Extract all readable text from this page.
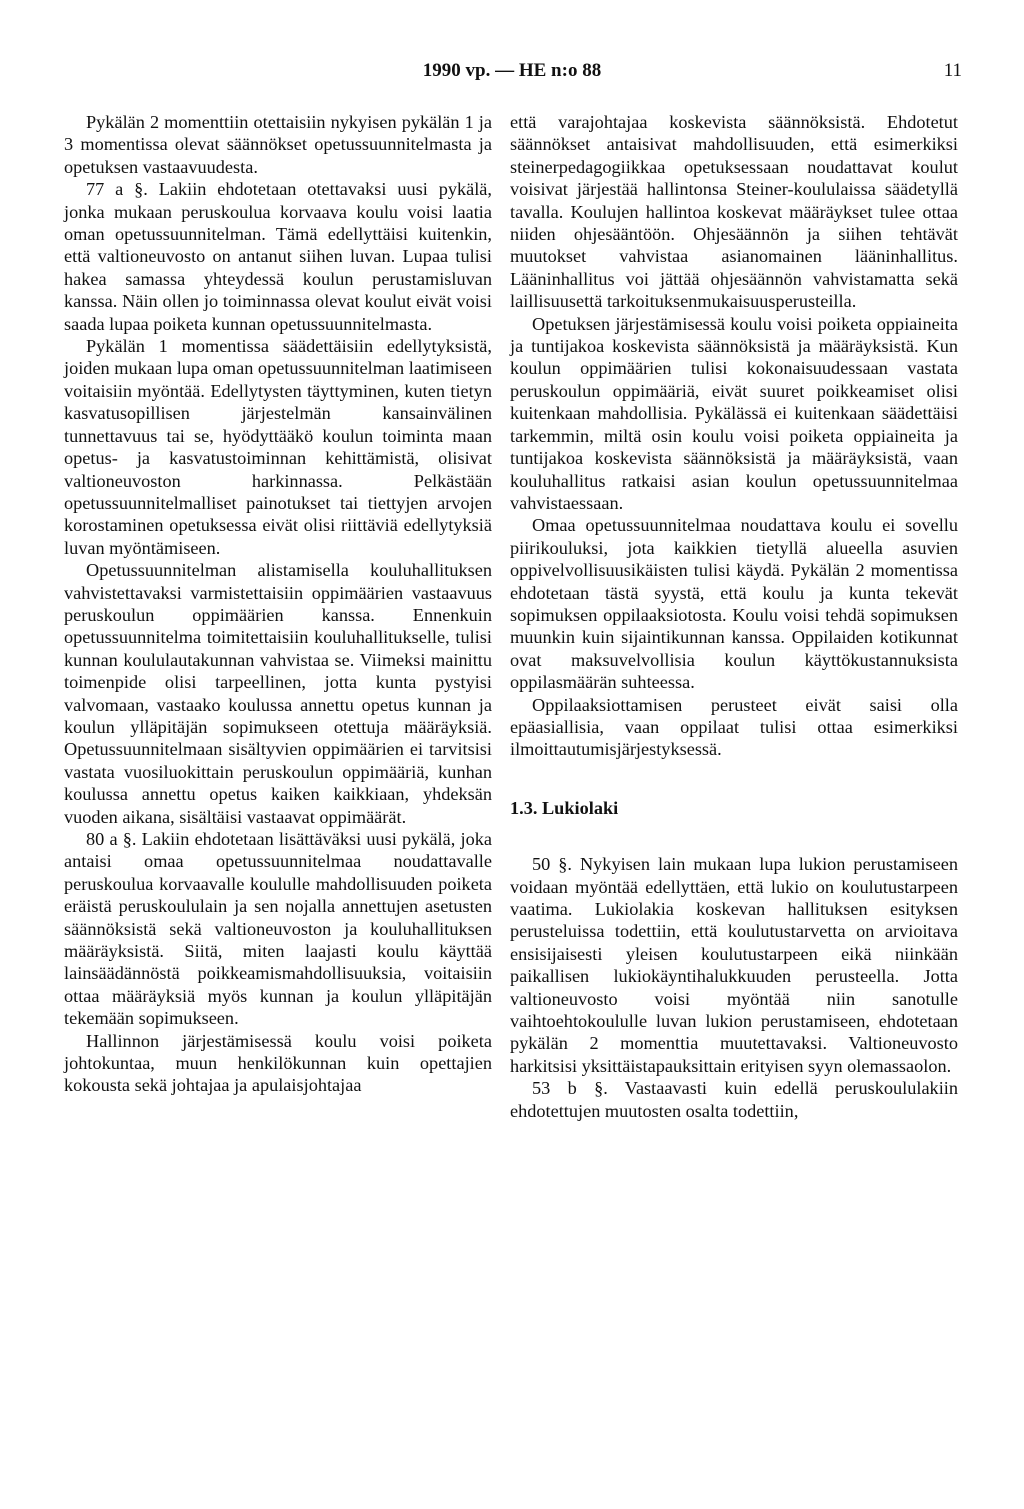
1990 vp. — HE n:o 88	11

Pykälän 2 momenttiin otettaisiin nykyisen pykälän 1 ja 3 momentissa olevat säännökset opetussuunnitelmasta ja opetuksen vastaavuudesta.

77 a §. Lakiin ehdotetaan otettavaksi uusi pykälä, jonka mukaan peruskoulua korvaava koulu voisi laatia oman opetussuunnitelman. Tämä edellyttäisi kuitenkin, että valtioneuvosto on antanut siihen luvan. Lupaa tulisi hakea samassa yhteydessä koulun perustamisluvan kanssa. Näin ollen jo toiminnassa olevat koulut eivät voisi saada lupaa poiketa kunnan opetussuunnitelmasta.

Pykälän 1 momentissa säädettäisiin edellytyksistä, joiden mukaan lupa oman opetussuunnitelman laatimiseen voitaisiin myöntää. Edellytysten täyttyminen, kuten tietyn kasvatusopillisen järjestelmän kansainvälinen tunnettavuus tai se, hyödyttääkö koulun toiminta maan opetus- ja kasvatustoiminnan kehittämistä, olisivat valtioneuvoston harkinnassa. Pelkästään opetussuunnitelmalliset painotukset tai tiettyjen arvojen korostaminen opetuksessa eivät olisi riittäviä edellytyksiä luvan myöntämiseen.

Opetussuunnitelman alistamisella kouluhallituksen vahvistettavaksi varmistettaisiin oppimäärien vastaavuus peruskoulun oppimäärien kanssa. Ennenkuin opetussuunnitelma toimitettaisiin kouluhallitukselle, tulisi kunnan koululautakunnan vahvistaa se. Viimeksi mainittu toimenpide olisi tarpeellinen, jotta kunta pystyisi valvomaan, vastaako koulussa annettu opetus kunnan ja koulun ylläpitäjän sopimukseen otettuja määräyksiä. Opetussuunnitelmaan sisältyvien oppimäärien ei tarvitsisi vastata vuosiluokittain peruskoulun oppimääriä, kunhan koulussa annettu opetus kaiken kaikkiaan, yhdeksän vuoden aikana, sisältäisi vastaavat oppimäärät.

80 a §. Lakiin ehdotetaan lisättäväksi uusi pykälä, joka antaisi omaa opetussuunnitelmaa noudattavalle peruskoulua korvaavalle koululle mahdollisuuden poiketa eräistä peruskoululain ja sen nojalla annettujen asetusten säännöksistä sekä valtioneuvoston ja kouluhallituksen määräyksistä. Siitä, miten laajasti koulu käyttää lainsäädännöstä poikkeamismahdollisuuksia, voitaisiin ottaa määräyksiä myös kunnan ja koulun ylläpitäjän tekemään sopimukseen.

Hallinnon järjestämisessä koulu voisi poiketa johtokuntaa, muun henkilökunnan kuin opettajien kokousta sekä johtajaa ja apulaisjohtajaa

että varajohtajaa koskevista säännöksistä. Ehdotetut säännökset antaisivat mahdollisuuden, että esimerkiksi steinerpedagogiikkaa opetuksessaan noudattavat koulut voisivat järjestää hallintonsa Steiner-koululaissa säädetyllä tavalla. Koulujen hallintoa koskevat määräykset tulee ottaa niiden ohjesääntöön. Ohjesäännön ja siihen tehtävät muutokset vahvistaa asianomainen lääninhallitus. Lääninhallitus voi jättää ohjesäännön vahvistamatta sekä laillisuusettä tarkoituksenmukaisuusperusteilla.

Opetuksen järjestämisessä koulu voisi poiketa oppiaineita ja tuntijakoa koskevista säännöksistä ja määräyksistä. Kun koulun oppimäärien tulisi kokonaisuudessaan vastata peruskoulun oppimääriä, eivät suuret poikkeamiset olisi kuitenkaan mahdollisia. Pykälässä ei kuitenkaan säädettäisi tarkemmin, miltä osin koulu voisi poiketa oppiaineita ja tuntijakoa koskevista säännöksistä ja määräyksistä, vaan kouluhallitus ratkaisi asian koulun opetussuunnitelmaa vahvistaessaan.

Omaa opetussuunnitelmaa noudattava koulu ei sovellu piirikouluksi, jota kaikkien tietyllä alueella asuvien oppivelvollisuusikäisten tulisi käydä. Pykälän 2 momentissa ehdotetaan tästä syystä, että koulu ja kunta tekevät sopimuksen oppilaaksiotosta. Koulu voisi tehdä sopimuksen muunkin kuin sijaintikunnan kanssa. Oppilaiden kotikunnat ovat maksuvelvollisia koulun käyttökustannuksista oppilasmäärän suhteessa.

Oppilaaksiottamisen perusteet eivät saisi olla epäasiallisia, vaan oppilaat tulisi ottaa esimerkiksi ilmoittautumisjärjestyksessä.

1.3. Lukiolaki

50 §. Nykyisen lain mukaan lupa lukion perustamiseen voidaan myöntää edellyttäen, että lukio on koulutustarpeen vaatima. Lukiolakia koskevan hallituksen esityksen perusteluissa todettiin, että koulutustarvetta on arvioitava ensisijaisesti yleisen koulutustarpeen eikä niinkään paikallisen lukiokäyntihalukkuuden perusteella. Jotta valtioneuvosto voisi myöntää niin sanotulle vaihtoehtokoululle luvan lukion perustamiseen, ehdotetaan pykälän 2 momenttia muutettavaksi. Valtioneuvosto harkitsisi yksittäistapauksittain erityisen syyn olemassaolon.

53 b §. Vastaavasti kuin edellä peruskoululakiin ehdotettujen muutosten osalta todettiin,
